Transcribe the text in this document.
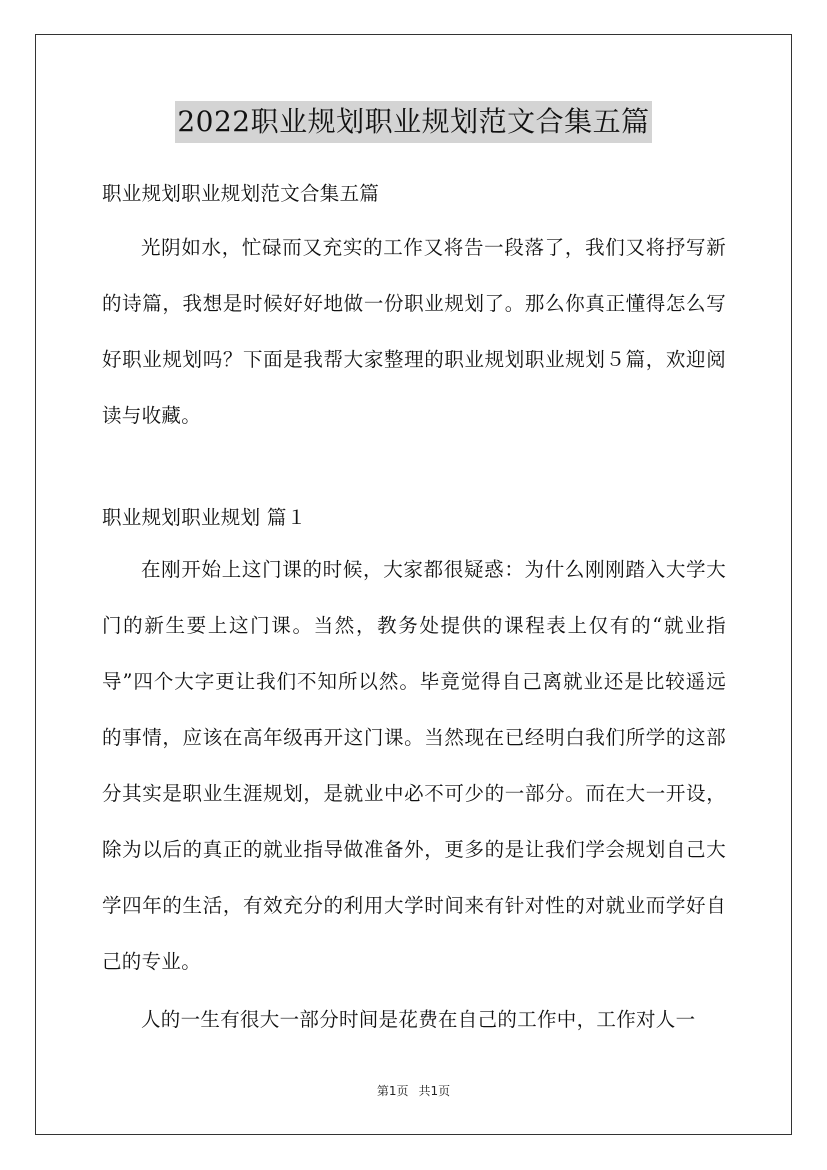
2022职业规划职业规划范文合集五篇

职业规划职业规划范文合集五篇

光阴如水，忙碌而又充实的工作又将告一段落了，我们又将抒写新的诗篇，我想是时候好好地做一份职业规划了。那么你真正懂得怎么写好职业规划吗？下面是我帮大家整理的职业规划职业规划５篇，欢迎阅读与收藏。

职业规划职业规划 篇１

在刚开始上这门课的时候，大家都很疑惑：为什么刚刚踏入大学大门的新生要上这门课。当然，教务处提供的课程表上仅有的“就业指导”四个大字更让我们不知所以然。毕竟觉得自己离就业还是比较遥远的事情，应该在高年级再开这门课。当然现在已经明白我们所学的这部分其实是职业生涯规划，是就业中必不可少的一部分。而在大一开设，除为以后的真正的就业指导做准备外，更多的是让我们学会规划自己大学四年的生活，有效充分的利用大学时间来有针对性的对就业而学好自己的专业。

人的一生有很大一部分时间是花费在自己的工作中，工作对人一

第1页 共1页
